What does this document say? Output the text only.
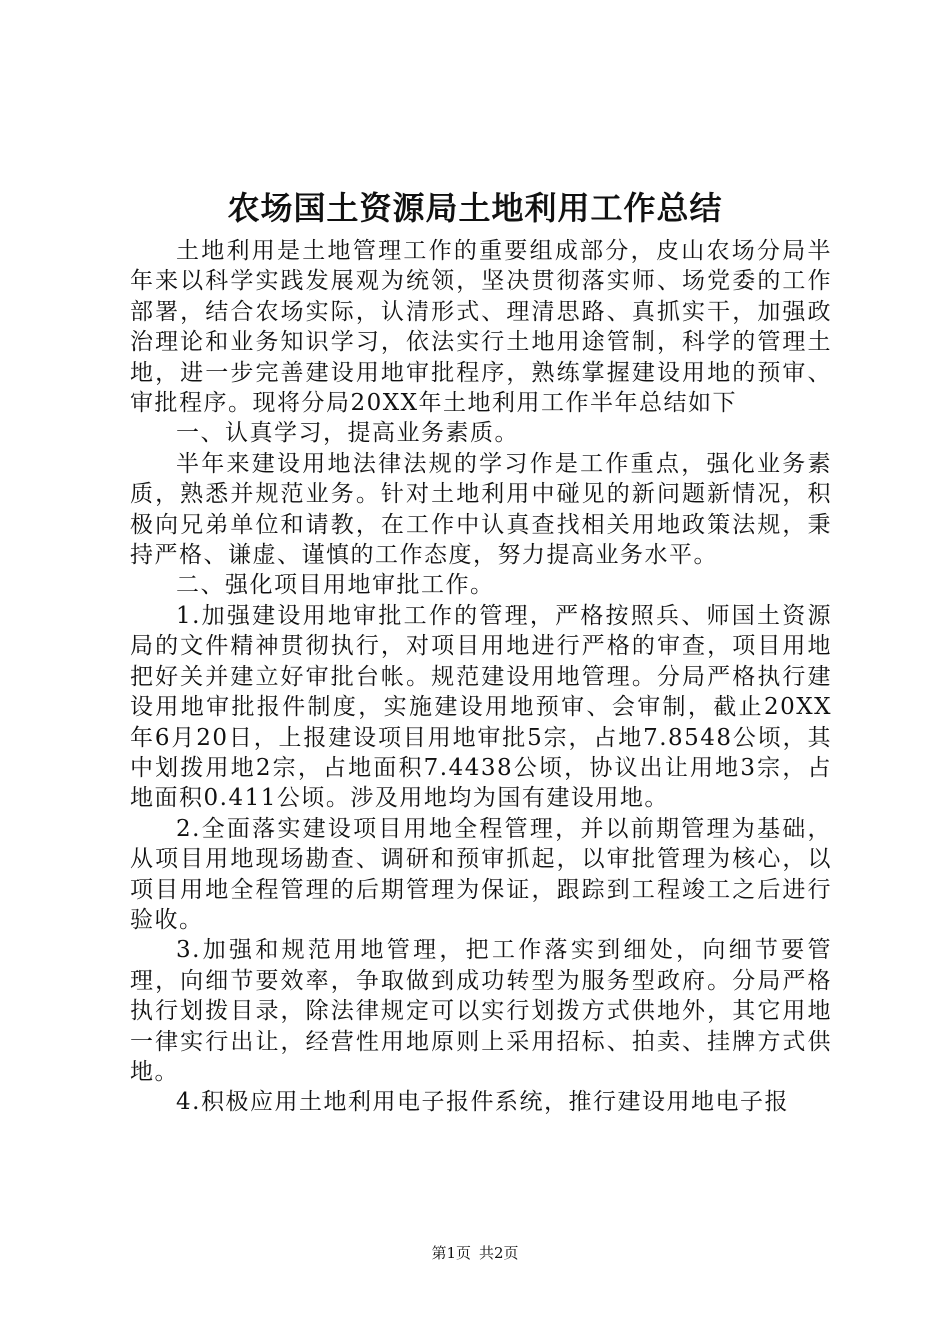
农场国土资源局土地利用工作总结

土地利用是土地管理工作的重要组成部分，皮山农场分局半年来以科学实践发展观为统领，坚决贯彻落实师、场党委的工作部署，结合农场实际，认清形式、理清思路、真抓实干，加强政治理论和业务知识学习，依法实行土地用途管制，科学的管理土地，进一步完善建设用地审批程序，熟练掌握建设用地的预审、审批程序。现将分局20XX年土地利用工作半年总结如下

一、认真学习，提高业务素质。

半年来建设用地法律法规的学习作是工作重点，强化业务素质，熟悉并规范业务。针对土地利用中碰见的新问题新情况，积极向兄弟单位和请教，在工作中认真查找相关用地政策法规，秉持严格、谦虚、谨慎的工作态度，努力提高业务水平。

二、强化项目用地审批工作。

1.加强建设用地审批工作的管理，严格按照兵、师国土资源局的文件精神贯彻执行，对项目用地进行严格的审查，项目用地把好关并建立好审批台帐。规范建设用地管理。分局严格执行建设用地审批报件制度，实施建设用地预审、会审制，截止20XX年6月20日，上报建设项目用地审批5宗，占地7.8548公顷，其中划拨用地2宗，占地面积7.4438公顷，协议出让用地3宗，占地面积0.411公顷。涉及用地均为国有建设用地。

2.全面落实建设项目用地全程管理，并以前期管理为基础，从项目用地现场勘查、调研和预审抓起，以审批管理为核心，以项目用地全程管理的后期管理为保证，跟踪到工程竣工之后进行验收。

3.加强和规范用地管理，把工作落实到细处，向细节要管理，向细节要效率，争取做到成功转型为服务型政府。分局严格执行划拨目录，除法律规定可以实行划拨方式供地外，其它用地一律实行出让，经营性用地原则上采用招标、拍卖、挂牌方式供地。

4.积极应用土地利用电子报件系统，推行建设用地电子报

第1页 共2页
